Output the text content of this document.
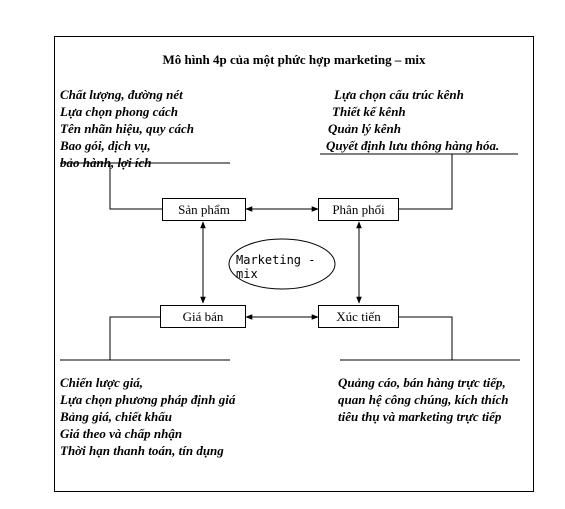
Mô hình 4p của một phức hợp marketing – mix
Chất lượng, đường nét
Lựa chọn phong cách
Tên nhãn hiệu, quy cách
Bao gói, dịch vụ,
bảo hành, lợi ích
Lựa chọn cấu trúc kênh
Thiết kế kênh
Quản lý kênh
Quyết định lưu thông hàng hóa.
Chiến lược giá,
Lựa chọn phương pháp định giá
Bảng giá, chiết khấu
Giá theo và chấp nhận
Thời hạn thanh toán, tín dụng
Quảng cáo, bán hàng trực tiếp,
quan hệ công chúng, kích thích
tiêu thụ và marketing trực tiếp
Sản phẩm	Phân phối
Giá bán	Xúc tiến
Marketing - mix
